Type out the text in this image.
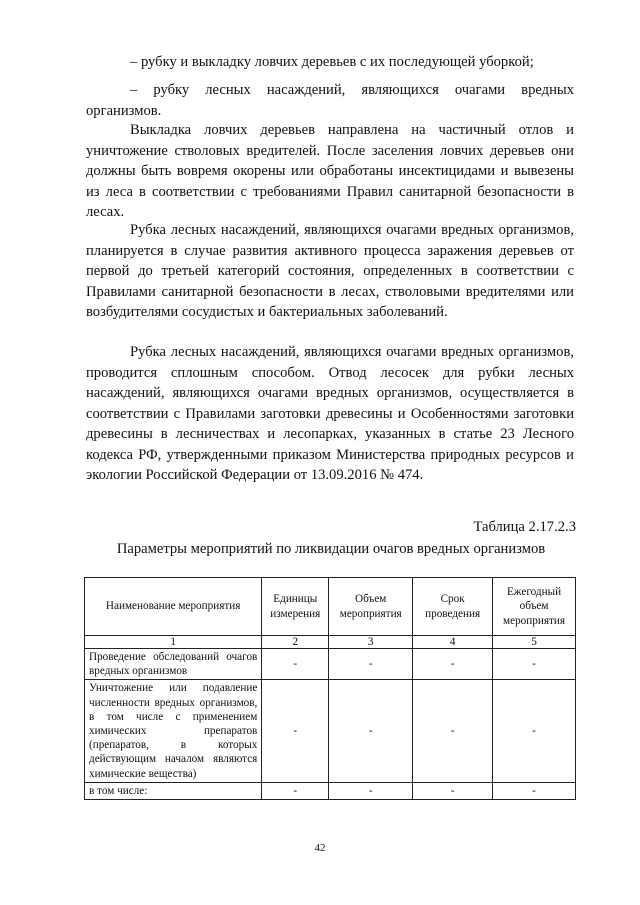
– рубку и выкладку ловчих деревьев с их последующей уборкой;

– рубку лесных насаждений, являющихся очагами вредных организмов.

Выкладка ловчих деревьев направлена на частичный отлов и уничтожение стволовых вредителей. После заселения ловчих деревьев они должны быть вовремя окорены или обработаны инсектицидами и вывезены из леса в соответствии с требованиями Правил санитарной безопасности в лесах.

Рубка лесных насаждений, являющихся очагами вредных организмов, планируется в случае развития активного процесса заражения деревьев от первой до третьей категорий состояния, определенных в соответствии с Правилами санитарной безопасности в лесах, стволовыми вредителями или возбудителями сосудистых и бактериальных заболеваний.

Рубка лесных насаждений, являющихся очагами вредных организмов, проводится сплошным способом. Отвод лесосек для рубки лесных насаждений, являющихся очагами вредных организмов, осуществляется в соответствии с Правилами заготовки древесины и Особенностями заготовки древесины в лесничествах и лесопарках, указанных в статье 23 Лесного кодекса РФ, утвержденными приказом Министерства природных ресурсов и экологии Российской Федерации от 13.09.2016 № 474.

Таблица 2.17.2.3

Параметры мероприятий по ликвидации очагов вредных организмов

Наименование мероприятия	Единицы измерения	Объем мероприятия	Срок проведения	Ежегодный объем мероприятия
1	2	3	4	5
Проведение обследований очагов вредных организмов	-	-	-	-
Уничтожение или подавление численности вредных организмов, в том числе с применением химических препаратов (препаратов, в которых действующим началом являются химические вещества)	-	-	-	-
в том числе:	-	-	-	-

42
